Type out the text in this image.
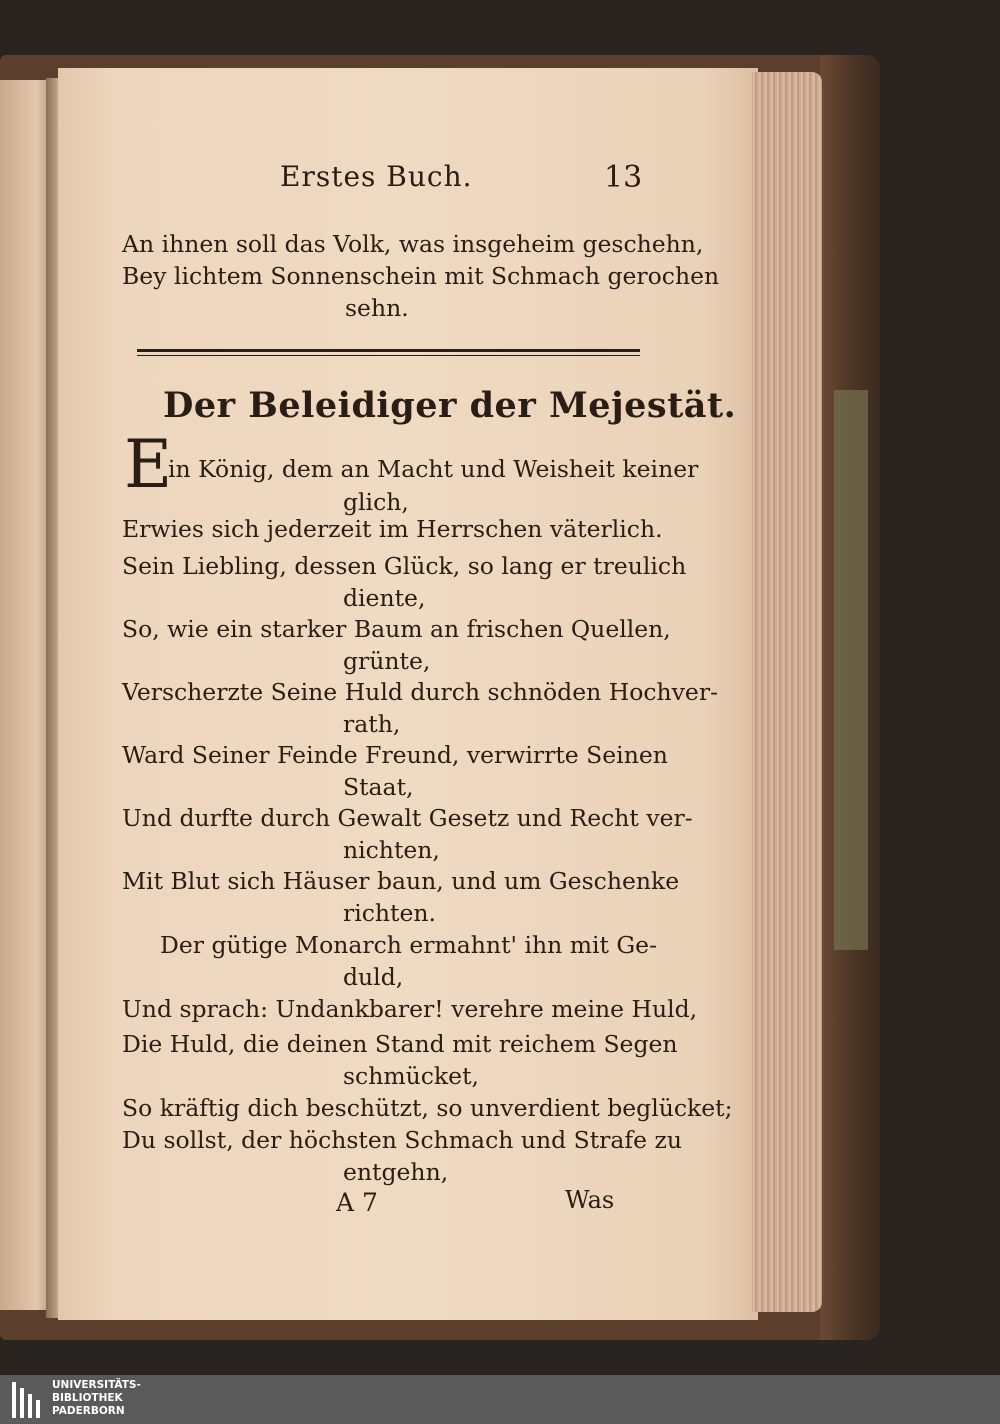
Erstes Buch.	13
An ihnen soll das Volk, was insgeheim geschehn,
Bey lichtem Sonnenschein mit Schmach gerochen
sehn.
Der Beleidiger der Mejestät.
E
in König, dem an Macht und Weisheit keiner
glich,
Erwies sich jederzeit im Herrschen väterlich.
Sein Liebling, dessen Glück, so lang er treulich
diente,
So, wie ein starker Baum an frischen Quellen,
grünte,
Verscherzte Seine Huld durch schnöden Hochver-
rath,
Ward Seiner Feinde Freund, verwirrte Seinen
Staat,
Und durfte durch Gewalt Gesetz und Recht ver-
nichten,
Mit Blut sich Häuser baun, und um Geschenke
richten.
Der gütige Monarch ermahnt' ihn mit Ge-
duld,
Und sprach: Undankbarer! verehre meine Huld,
Die Huld, die deinen Stand mit reichem Segen
schmücket,
So kräftig dich beschützt, so unverdient beglücket;
Du sollst, der höchsten Schmach und Strafe zu
entgehn,
A 7	Was
UNIVERSITÄTS-
BIBLIOTHEK
PADERBORN
